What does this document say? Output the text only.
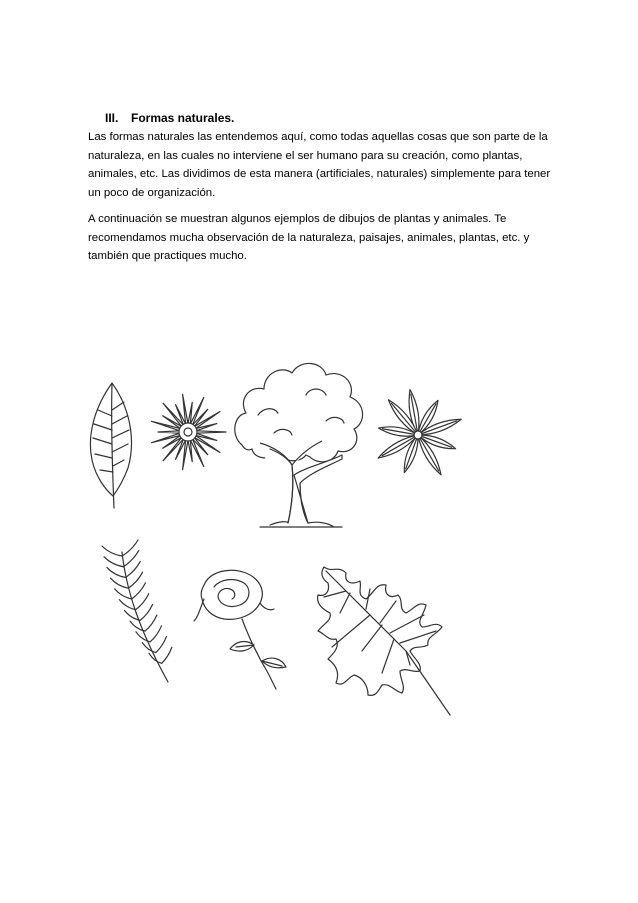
III. Formas naturales.

Las formas naturales las entendemos aquí, como todas aquellas cosas que son parte de la naturaleza, en las cuales no interviene el ser humano para su creación, como plantas, animales, etc. Las dividimos de esta manera (artificiales, naturales) simplemente para tener un poco de organización.

A continuación se muestran algunos ejemplos de dibujos de plantas y animales. Te recomendamos mucha observación de la naturaleza, paisajes, animales, plantas, etc. y también que practiques mucho.
